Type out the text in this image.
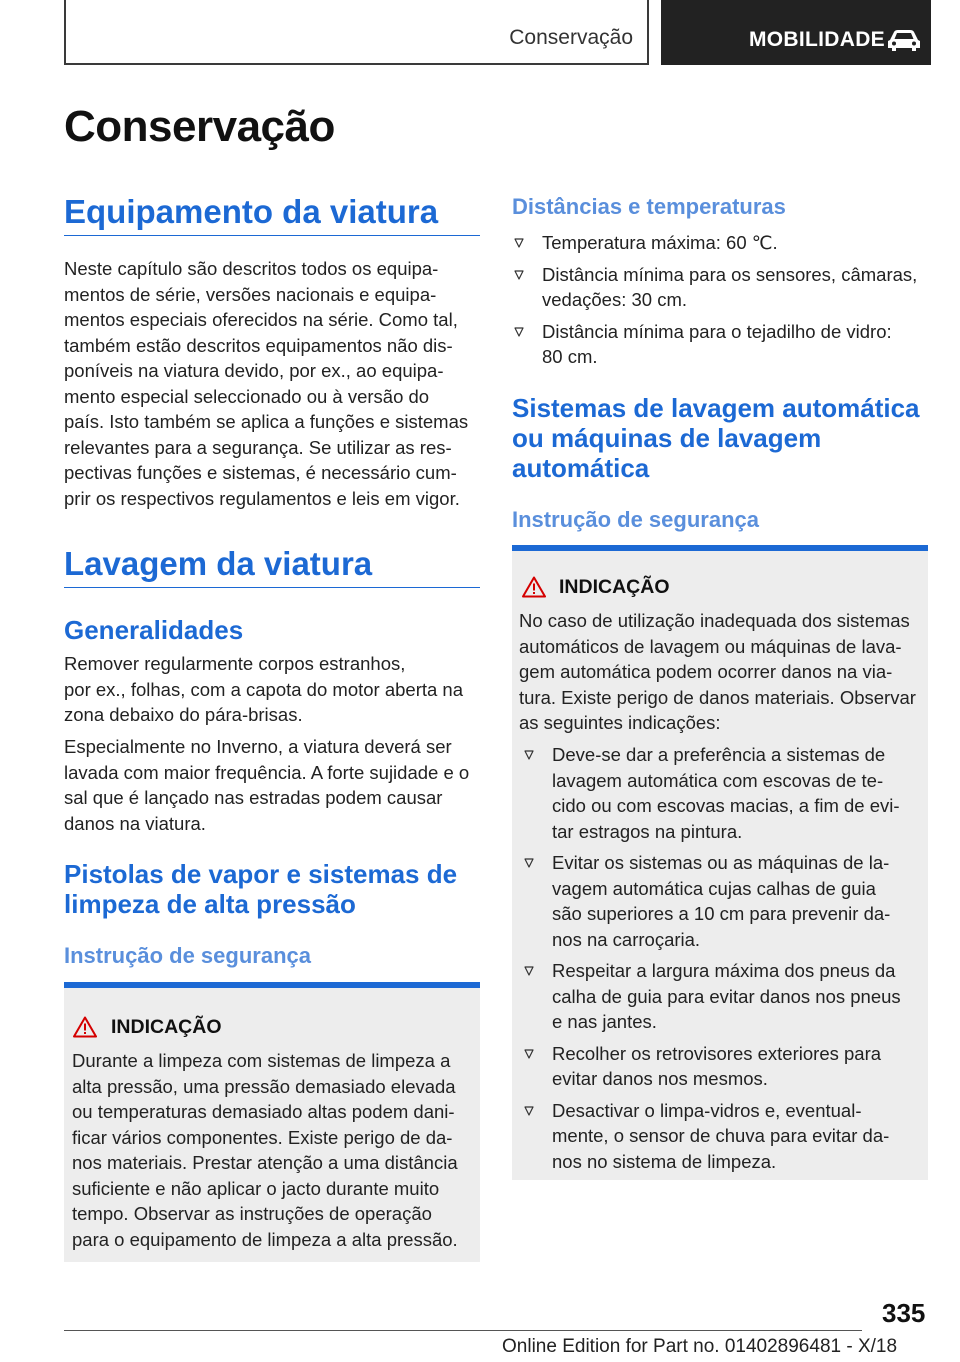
Conservação	MOBILIDADE
Conservação
Equipamento da viatura
Neste capítulo são descritos todos os equipa-
mentos de série, versões nacionais e equipa-
mentos especiais oferecidos na série. Como tal,
também estão descritos equipamentos não dis-
poníveis na viatura devido, por ex., ao equipa-
mento especial seleccionado ou à versão do
país. Isto também se aplica a funções e sistemas
relevantes para a segurança. Se utilizar as res-
pectivas funções e sistemas, é necessário cum-
prir os respectivos regulamentos e leis em vigor.
Lavagem da viatura
Generalidades
Remover regularmente corpos estranhos,
por ex., folhas, com a capota do motor aberta na
zona debaixo do pára-brisas.
Especialmente no Inverno, a viatura deverá ser
lavada com maior frequência. A forte sujidade e o
sal que é lançado nas estradas podem causar
danos na viatura.
Pistolas de vapor e sistemas de
limpeza de alta pressão
Instrução de segurança
INDICAÇÃO
Durante a limpeza com sistemas de limpeza a
alta pressão, uma pressão demasiado elevada
ou temperaturas demasiado altas podem dani-
ficar vários componentes. Existe perigo de da-
nos materiais. Prestar atenção a uma distância
suficiente e não aplicar o jacto durante muito
tempo. Observar as instruções de operação
para o equipamento de limpeza a alta pressão.
Distâncias e temperaturas
Temperatura máxima: 60 ℃.
Distância mínima para os sensores, câmaras,
vedações: 30 cm.
Distância mínima para o tejadilho de vidro:
80 cm.
Sistemas de lavagem automática
ou máquinas de lavagem
automática
Instrução de segurança
INDICAÇÃO
No caso de utilização inadequada dos sistemas
automáticos de lavagem ou máquinas de lava-
gem automática podem ocorrer danos na via-
tura. Existe perigo de danos materiais. Observar
as seguintes indicações:
Deve-se dar a preferência a sistemas de
lavagem automática com escovas de te-
cido ou com escovas macias, a fim de evi-
tar estragos na pintura.
Evitar os sistemas ou as máquinas de la-
vagem automática cujas calhas de guia
são superiores a 10 cm para prevenir da-
nos na carroçaria.
Respeitar a largura máxima dos pneus da
calha de guia para evitar danos nos pneus
e nas jantes.
Recolher os retrovisores exteriores para
evitar danos nos mesmos.
Desactivar o limpa-vidros e, eventual-
mente, o sensor de chuva para evitar da-
nos no sistema de limpeza.
335
Online Edition for Part no. 01402896481 - X/18
